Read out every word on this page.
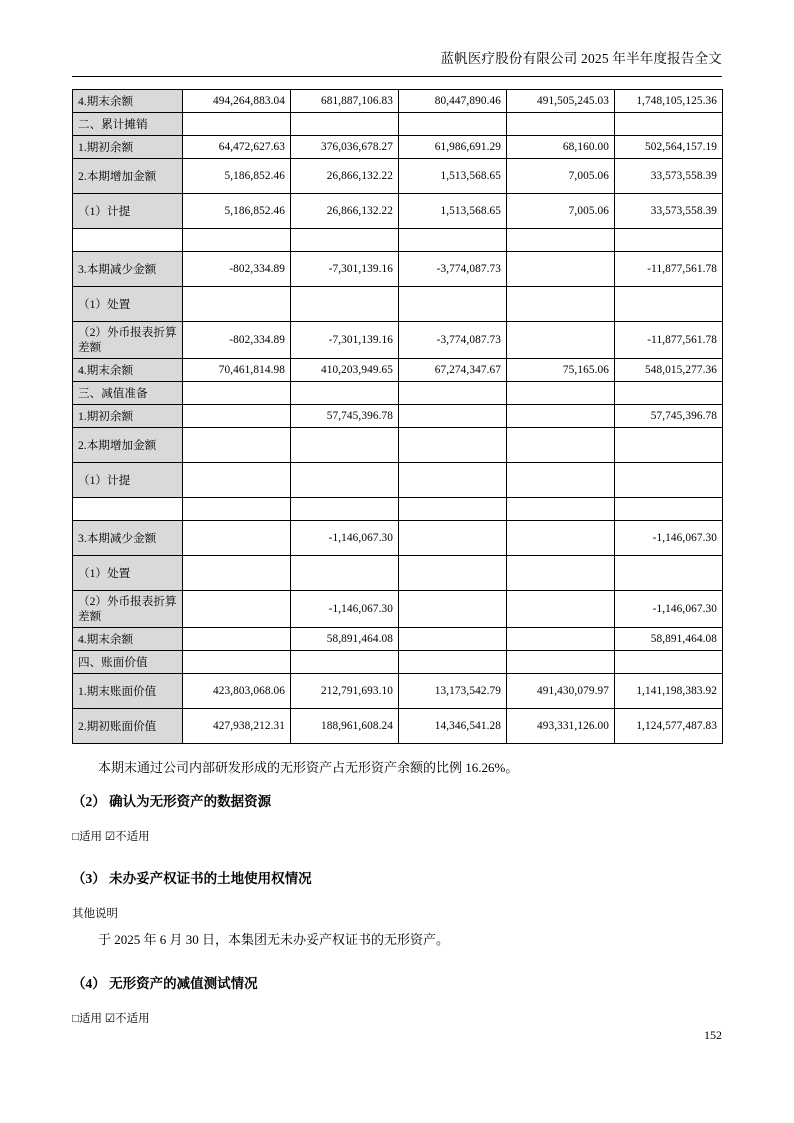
蓝帆医疗股份有限公司 2025 年半年度报告全文
4.期末余额	494,264,883.04	681,887,106.83	80,447,890.46	491,505,245.03	1,748,105,125.36
二、累计摊销					
1.期初余额	64,472,627.63	376,036,678.27	61,986,691.29	68,160.00	502,564,157.19
2.本期增加金额	5,186,852.46	26,866,132.22	1,513,568.65	7,005.06	33,573,558.39
（1）计提	5,186,852.46	26,866,132.22	1,513,568.65	7,005.06	33,573,558.39

3.本期减少金额	-802,334.89	-7,301,139.16	-3,774,087.73		-11,877,561.78
（1）处置					
（2）外币报表折算差额	-802,334.89	-7,301,139.16	-3,774,087.73		-11,877,561.78
4.期末余额	70,461,814.98	410,203,949.65	67,274,347.67	75,165.06	548,015,277.36
三、减值准备					
1.期初余额		57,745,396.78			57,745,396.78
2.本期增加金额					
（1）计提					

3.本期减少金额		-1,146,067.30			-1,146,067.30
（1）处置					
（2）外币报表折算差额		-1,146,067.30			-1,146,067.30
4.期末余额		58,891,464.08			58,891,464.08
四、账面价值					
1.期末账面价值	423,803,068.06	212,791,693.10	13,173,542.79	491,430,079.97	1,141,198,383.92
2.期初账面价值	427,938,212.31	188,961,608.24	14,346,541.28	493,331,126.00	1,124,577,487.83
本期末通过公司内部研发形成的无形资产占无形资产余额的比例 16.26%。
（2） 确认为无形资产的数据资源
□适用 ☑不适用
（3） 未办妥产权证书的土地使用权情况
其他说明
于 2025 年 6 月 30 日，本集团无未办妥产权证书的无形资产。
（4） 无形资产的减值测试情况
□适用 ☑不适用
152
